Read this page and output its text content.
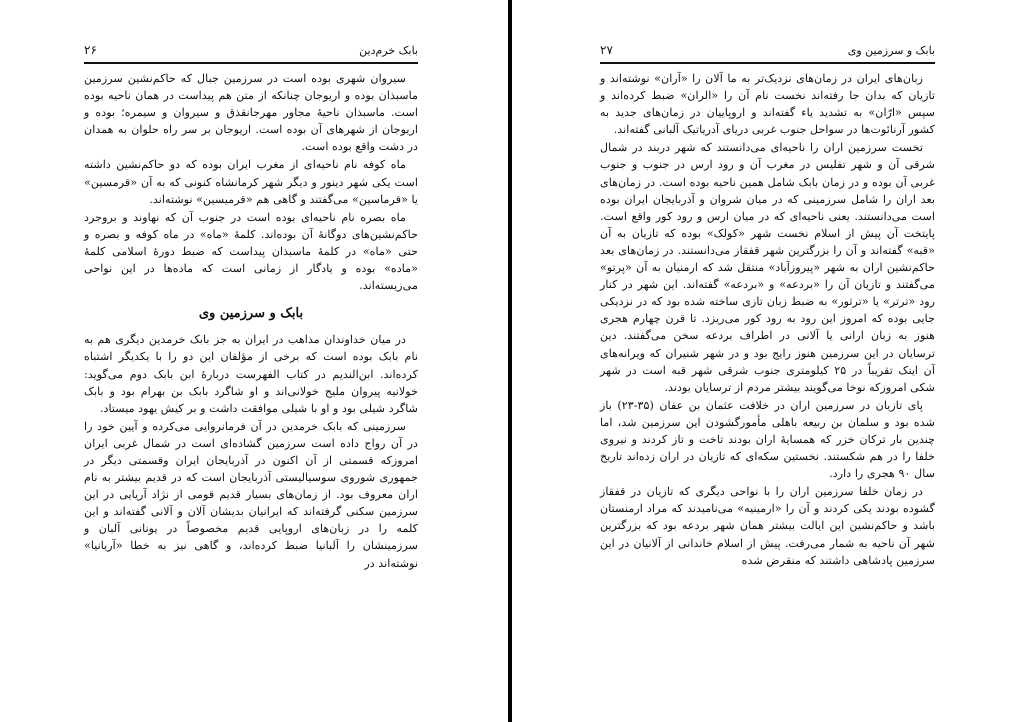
بابک خرم‌دین
۲۶

سیروان شهری بوده است در سرزمین جبال که حاکم‌نشین سرزمین ماسبذان بوده و اریوجان چنانکه از متن هم پیداست در همان ناحیه بوده است. ماسبذان ناحیهٔ مجاور مهرجانقذق و سیروان و سیمره؛ بوده و اریوجان از شهرهای آن بوده است. اریوجان بر سر راه حلوان به همدان در دشت واقع بوده است.

ماه کوفه نام ناحیه‌ای از مغرب ایران بوده که دو حاکم‌نشین داشته است یکی شهر دینور و دیگر شهر کرمانشاه کنونی که به آن «قرمسین» یا «قرماسین» می‌گفتند و گاهی هم «قرمیسین» نوشته‌اند.

ماه بصره نام ناحیه‌ای بوده است در جنوب آن که نهاوند و بروجرد حاکم‌نشین‌های دوگانهٔ آن بوده‌اند. کلمهٔ «ماه» در ماه کوفه و بصره و حتی «ماه» در کلمهٔ ماسبذان پیداست که ضبط دورهٔ اسلامی کلمهٔ «ماده» بوده و یادگار از زمانی است که ماده‌ها در این نواحی می‌زیسته‌اند.

بابک و سرزمین وی

در میان خداوندان مذاهب در ایران به جز بابک خرمدین دیگری هم به نام بابک بوده است که برخی از مؤلفان این دو را با یکدیگر اشتباه کرده‌اند. ابن‌الندیم در کتاب الفهرست دربارهٔ ابن بابک دوم می‌گوید: خولانیه پیروان ملیح خولانی‌اند و او شاگرد بابک بن بهرام بود و بابک شاگرد شیلی بود و او با شیلی موافقت داشت و بر کیش یهود میستاد.

سرزمینی که بابک خرمدین در آن فرمانروایی می‌کرده و آیین خود را در آن رواج داده است سرزمین گشاده‌ای است در شمال غربی ایران امروزکه قسمتی از آن اکنون در آذربایجان ایران وقسمتی دیگر در جمهوری شوروی سوسیالیستی آذربایجان است که در قدیم بیشتر به نام اران معروف بود. از زمان‌های بسیار قدیم قومی از نژاد آریایی در این سرزمین سکنی گرفته‌اند که ایرانیان بدیشان آلان و آلانی گفته‌اند و این کلمه را در زبان‌های اروپایی قدیم مخصوصاً در یونانی آلبان و سرزمینشان را آلبانیا ضبط کرده‌اند، و گاهی نیز به خطا «آریانیا» نوشته‌اند در

بابک و سرزمین وی
۲۷

زبان‌های ایران در زمان‌های نزدیک‌تر به ما آلان را «آران» نوشته‌اند و تازیان که بدان جا رفته‌اند نخست نام آن را «الران» ضبط کرده‌اند و سپس «ارّان» به تشدید یاء گفته‌اند و اروپاییان در زمان‌های جدید به کشور آرنائوت‌ها در سواحل جنوب غربی دریای آدریاتیک آلبانی گفته‌اند.

تخست سرزمین اران را ناحیه‌ای می‌دانستند که شهر دربند در شمال شرقی آن و شهر تفلیس در مغرب آن و رود ارس در جنوب و جنوب غربی آن بوده و در زمان بابک شامل همین ناحیه بوده است. در زمان‌های بعد اران را شامل سرزمینی که در میان شروان و آذربایجان ایران بوده است می‌دانستند. یعنی ناحیه‌ای که در میان ارس و رود کور واقع است. پایتخت آن پیش از اسلام نخست شهر «کولک» بوده که تازیان به آن «قبه» گفته‌اند و آن را بزرگترین شهر قفقاز می‌دانستند. در زمان‌های بعد حاکم‌نشین اران به شهر «پیروزآباد» منتقل شد که ارمنیان به آن «پرتو» می‌گفتند و تازیان آن را «بردعه» و «بردعه» گفته‌اند. این شهر در کنار رود «ترتر» یا «ترثور» به ضبط زبان تازی ساخته شده بود که در نزدیکی جایی بوده که امروز این رود به رود کور می‌ریزد. تا قرن چهارم هجری هنوز به زبان ارانی یا آلانی در اطراف بردعه سخن می‌گفتند. دین ترسایان در این سرزمین هنوز رایج بود و در شهر شنیران که ویرانه‌های آن اینک تقریباً در ۲۵ کیلومتری جنوب شرقی شهر قبه است در شهر شکی امروزکه نوخا می‌گویند بیشتر مردم از ترسایان بودند.

پای تازیان در سرزمین اران در خلافت عثمان بن عفان (۳۵-۲۳) باز شده بود و سلمان بن ربیعه باهلی مأمورگشودن این سرزمین شد، اما چندین بار ترکان خزر که همسایهٔ اران بودند تاخت و تاز کردند و نیروی خلفا را در هم شکستند. نخستین سکه‌ای که تازیان در اران زده‌اند تاریخ سال ۹۰ هجری را دارد.

در زمان خلفا سرزمین اران را با نواحی دیگری که تازیان در قفقاز گشوده بودند یکی کردند و آن را «ارمینیه» می‌نامیدند که مراد ارمنستان باشد و حاکم‌نشین این ایالت بیشتر همان شهر بردعه بود که بزرگترین شهر آن ناحیه به شمار می‌رفت. پیش از اسلام خاندانی از آلانیان در این سرزمین پادشاهی داشتند که منقرض شده
